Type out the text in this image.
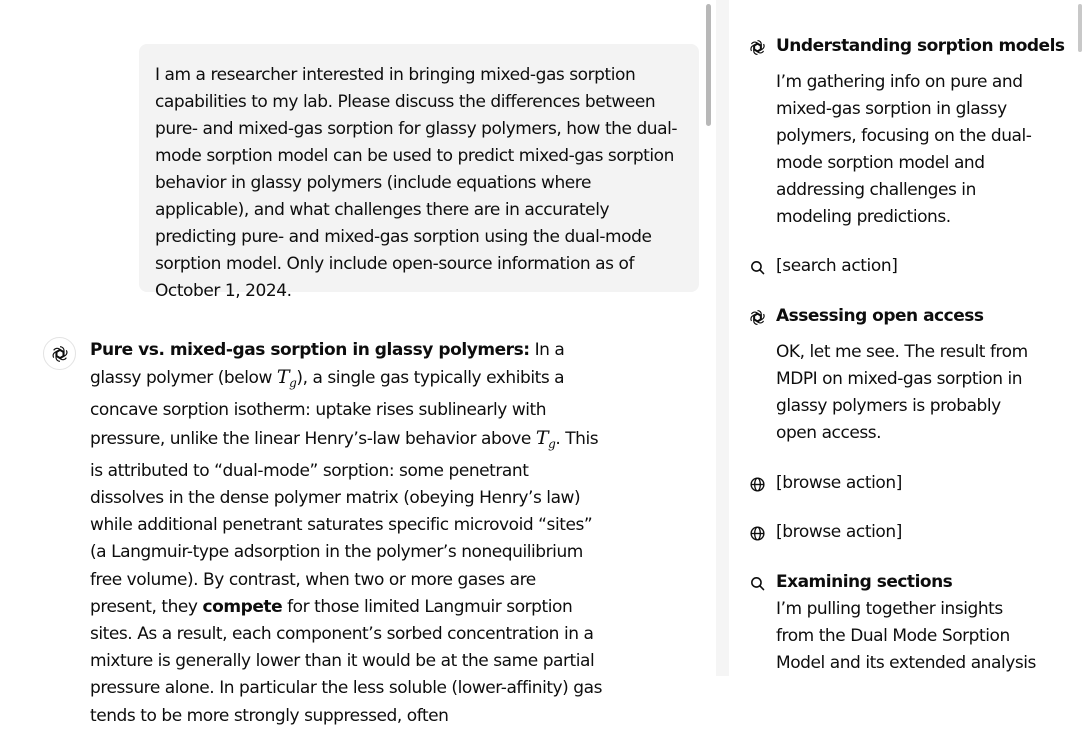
I am a researcher interested in bringing mixed-gas sorption capabilities to my lab. Please discuss the differences between pure- and mixed-gas sorption for glassy polymers, how the dual-mode sorption model can be used to predict mixed-gas sorption behavior in glassy polymers (include equations where applicable), and what challenges there are in accurately predicting pure- and mixed-gas sorption using the dual-mode sorption model. Only include open-source information as of October 1, 2024.
Pure vs. mixed-gas sorption in glassy polymers: In a glassy polymer (below $T_g$), a single gas typically exhibits a concave sorption isotherm: uptake rises sublinearly with pressure, unlike the linear Henry’s-law behavior above $T_g$. This is attributed to “dual-mode” sorption: some penetrant dissolves in the dense polymer matrix (obeying Henry’s law) while additional penetrant saturates specific microvoid “sites” (a Langmuir-type adsorption in the polymer’s nonequilibrium free volume). By contrast, when two or more gases are present, they compete for those limited Langmuir sorption sites. As a result, each component’s sorbed concentration in a mixture is generally lower than it would be at the same partial pressure alone. In particular the less soluble (lower-affinity) gas tends to be more strongly suppressed, often
Understanding sorption models
I’m gathering info on pure and mixed-gas sorption in glassy polymers, focusing on the dual-mode sorption model and addressing challenges in modeling predictions.
[search action]
Assessing open access
OK, let me see. The result from MDPI on mixed-gas sorption in glassy polymers is probably open access.
[browse action]
[browse action]
Examining sections
I’m pulling together insights from the Dual Mode Sorption Model and its extended analysis
